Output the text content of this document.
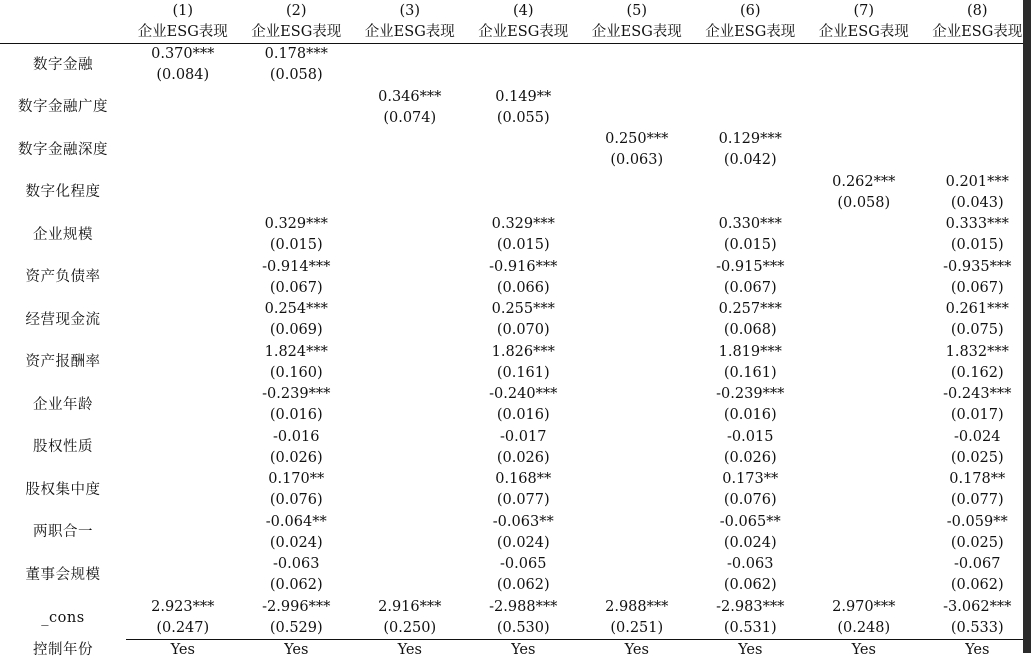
	(1)	(2)	(3)	(4)	(5)	(6)	(7)	(8)
	企业ESG表现	企业ESG表现	企业ESG表现	企业ESG表现	企业ESG表现	企业ESG表现	企业ESG表现	企业ESG表现
数字金融	0.370***	0.178***						
	(0.084)	(0.058)						
数字金融广度			0.346***	0.149**				
			(0.074)	(0.055)				
数字金融深度					0.250***	0.129***		
					(0.063)	(0.042)		
数字化程度							0.262***	0.201***
							(0.058)	(0.043)
企业规模		0.329***		0.329***		0.330***		0.333***
		(0.015)		(0.015)		(0.015)		(0.015)
资产负债率		-0.914***		-0.916***		-0.915***		-0.935***
		(0.067)		(0.066)		(0.067)		(0.067)
经营现金流		0.254***		0.255***		0.257***		0.261***
		(0.069)		(0.070)		(0.068)		(0.075)
资产报酬率		1.824***		1.826***		1.819***		1.832***
		(0.160)		(0.161)		(0.161)		(0.162)
企业年龄		-0.239***		-0.240***		-0.239***		-0.243***
		(0.016)		(0.016)		(0.016)		(0.017)
股权性质		-0.016		-0.017		-0.015		-0.024
		(0.026)		(0.026)		(0.026)		(0.025)
股权集中度		0.170**		0.168**		0.173**		0.178**
		(0.076)		(0.077)		(0.076)		(0.077)
两职合一		-0.064**		-0.063**		-0.065**		-0.059**
		(0.024)		(0.024)		(0.024)		(0.025)
董事会规模		-0.063		-0.065		-0.063		-0.067
		(0.062)		(0.062)		(0.062)		(0.062)
_cons	2.923***	-2.996***	2.916***	-2.988***	2.988***	-2.983***	2.970***	-3.062***
	(0.247)	(0.529)	(0.250)	(0.530)	(0.251)	(0.531)	(0.248)	(0.533)
控制年份	Yes	Yes	Yes	Yes	Yes	Yes	Yes	Yes
